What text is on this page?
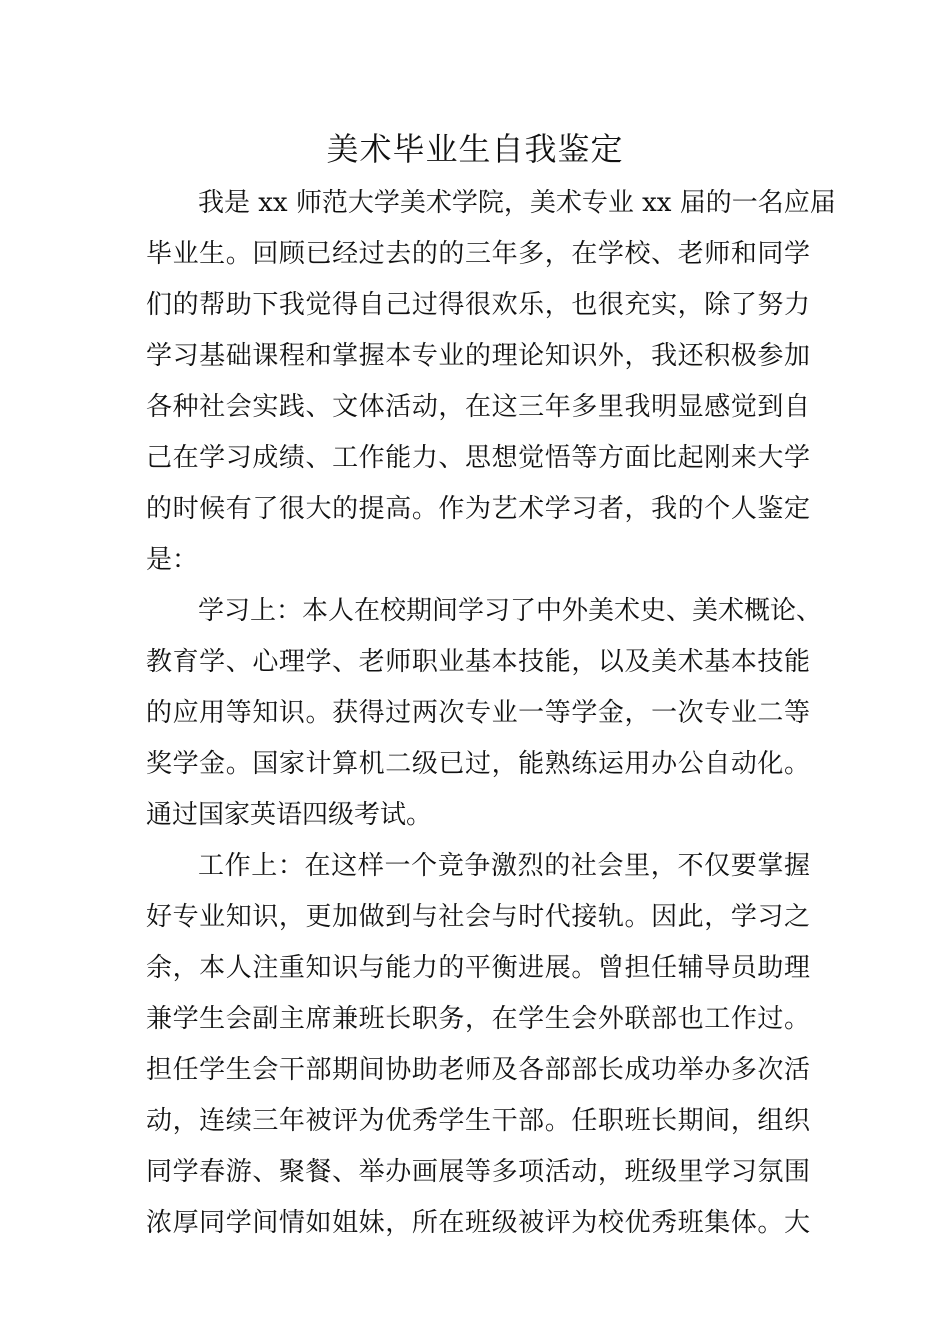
美术毕业生自我鉴定
我是 xx 师范大学美术学院，美术专业 xx 届的一名应届
毕业生。回顾已经过去的的三年多，在学校、老师和同学
们的帮助下我觉得自己过得很欢乐，也很充实，除了努力
学习基础课程和掌握本专业的理论知识外，我还积极参加
各种社会实践、文体活动，在这三年多里我明显感觉到自
己在学习成绩、工作能力、思想觉悟等方面比起刚来大学
的时候有了很大的提高。作为艺术学习者，我的个人鉴定
是：
学习上：本人在校期间学习了中外美术史、美术概论、
教育学、心理学、老师职业基本技能，以及美术基本技能
的应用等知识。获得过两次专业一等学金，一次专业二等
奖学金。国家计算机二级已过，能熟练运用办公自动化。
通过国家英语四级考试。
工作上：在这样一个竞争激烈的社会里，不仅要掌握
好专业知识，更加做到与社会与时代接轨。因此，学习之
余，本人注重知识与能力的平衡进展。曾担任辅导员助理
兼学生会副主席兼班长职务，在学生会外联部也工作过。
担任学生会干部期间协助老师及各部部长成功举办多次活
动，连续三年被评为优秀学生干部。任职班长期间，组织
同学春游、聚餐、举办画展等多项活动，班级里学习氛围
浓厚同学间情如姐妹，所在班级被评为校优秀班集体。大
